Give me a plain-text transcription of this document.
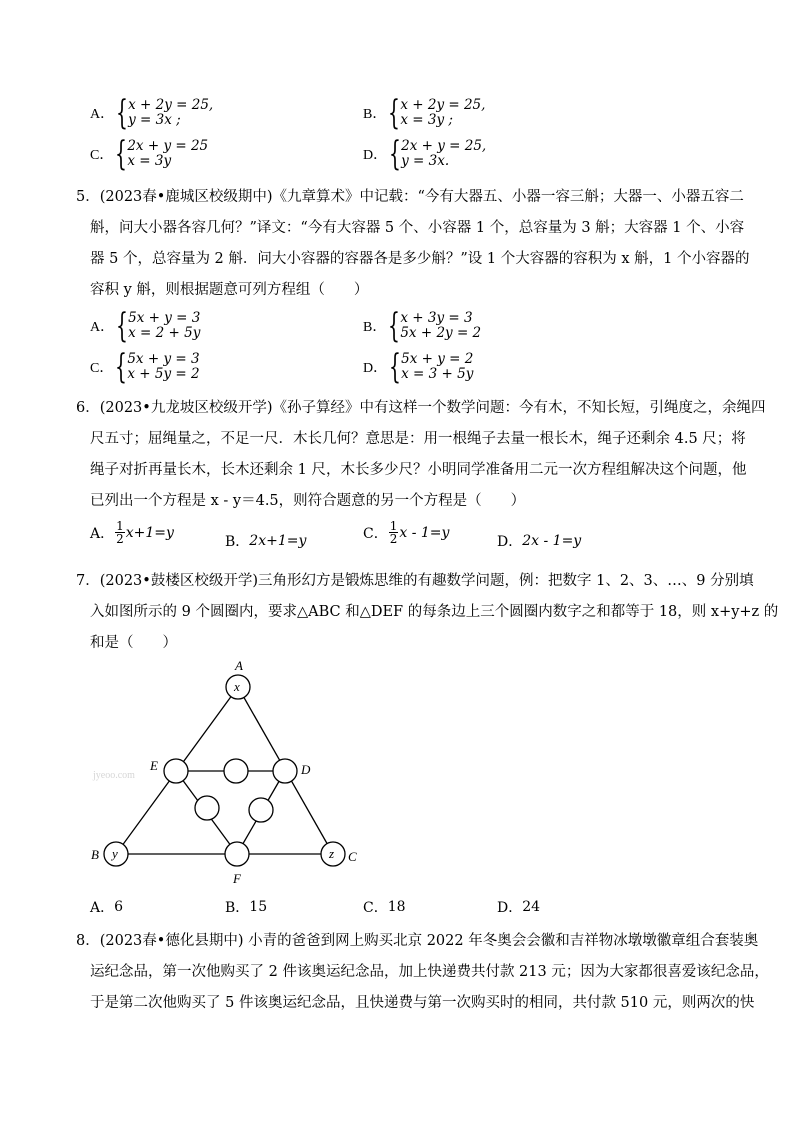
A． { x + 2y = 25,
y = 3x ;	B． { x + 2y = 25,
x = 3y ;
C． { 2x + y = 25
x = 3y	D． { 2x + y = 25,
y = 3x.
5．(2023春•鹿城区校级期中)《九章算术》中记载：“今有大器五、小器一容三斛；大器一、小器五容二
斛，问大小器各容几何？”译文：“今有大容器 5 个、小容器 1 个，总容量为 3 斛；大容器 1 个、小容
器 5 个，总容量为 2 斛．问大小容器的容器各是多少斛？”设 1 个大容器的容积为 x 斛，1 个小容器的
容积 y 斛，则根据题意可列方程组（　　）
A． { 5x + y = 3
x = 2 + 5y	B． { x + 3y = 3
5x + 2y = 2
C． { 5x + y = 3
x + 5y = 2	D． { 5x + y = 2
x = 3 + 5y
6．(2023•九龙坡区校级开学)《孙子算经》中有这样一个数学问题：今有木，不知长短，引绳度之，余绳四
尺五寸；屈绳量之，不足一尺．木长几何？意思是：用一根绳子去量一根长木，绳子还剩余 4.5 尺；将
绳子对折再量长木，长木还剩余 1 尺，木长多少尺？小明同学准备用二元一次方程组解决这个问题，他
已列出一个方程是 x - y＝4.5，则符合题意的另一个方程是（　　）
A． $\frac{1}{2} x+1=y$
B． 2x+1=y	C． $\frac{1}{2}$ x - 1=y
D． 2x - 1=y
7．(2023•鼓楼区校级开学)三角形幻方是锻炼思维的有趣数学问题，例：把数字 1、2、3、…、9 分别填
入如图所示的 9 个圆圈内，要求△ABC 和△DEF 的每条边上三个圆圈内数字之和都等于 18，则 x+y+z 的
和是（　　）
x
y	z
A
E	D
B	C
F
jyeoo.com
A． 6	B． 15	C． 18	D． 24
8．(2023春•德化县期中) 小青的爸爸到网上购买北京 2022 年冬奥会会徽和吉祥物冰墩墩徽章组合套装奥
运纪念品，第一次他购买了 2 件该奥运纪念品，加上快递费共付款 213 元；因为大家都很喜爱该纪念品，
于是第二次他购买了 5 件该奥运纪念品，且快递费与第一次购买时的相同，共付款 510 元，则两次的快
